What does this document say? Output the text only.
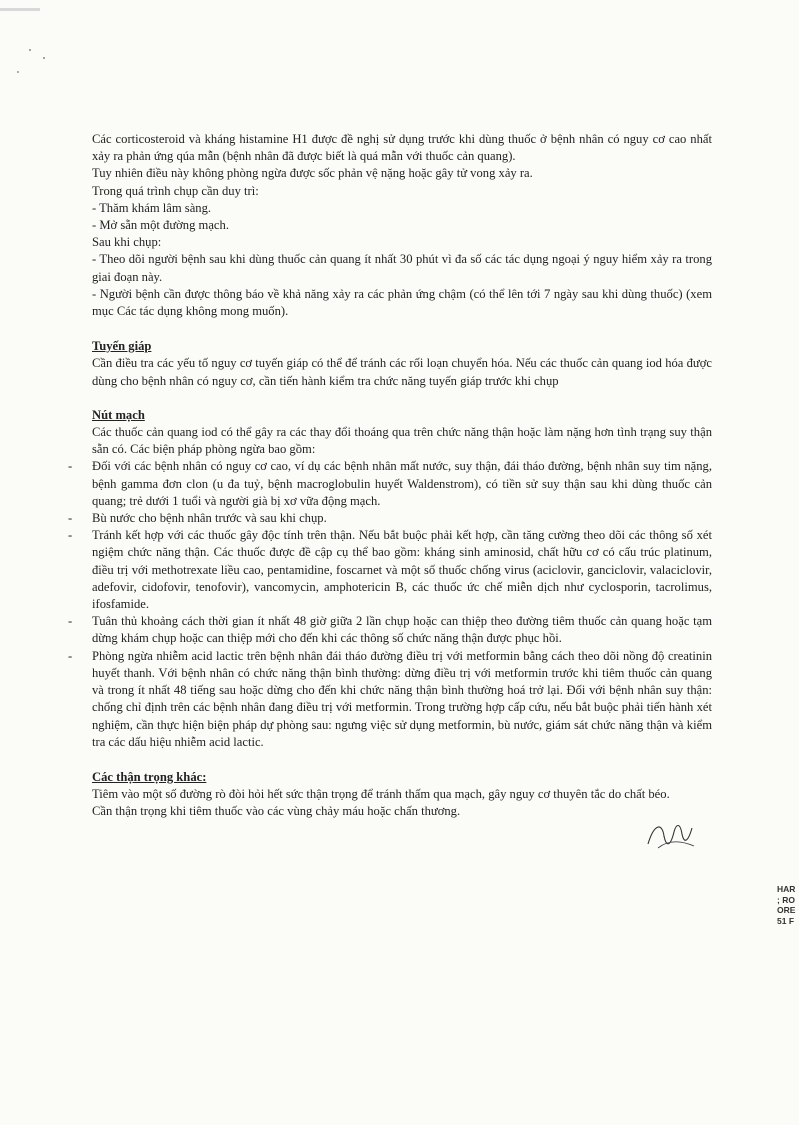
Các corticosteroid và kháng histamine H1 được đề nghị sử dụng trước khi dùng thuốc ở bệnh nhân có nguy cơ cao nhất xảy ra phản ứng qúa mẫn (bệnh nhân đã được biết là quá mẫn với thuốc cản quang).

Tuy nhiên điều này không phòng ngừa được sốc phản vệ nặng hoặc gây tử vong xảy ra.

Trong quá trình chụp cần duy trì:

- Thăm khám lâm sàng.

- Mở sẵn một đường mạch.

Sau khi chụp:

- Theo dõi người bệnh sau khi dùng thuốc cản quang ít nhất 30 phút vì đa số các tác dụng ngoại ý nguy hiểm xảy ra trong giai đoạn này.

- Người bệnh cần được thông báo về khả năng xảy ra các phản ứng chậm (có thể lên tới 7 ngày sau khi dùng thuốc) (xem mục Các tác dụng không mong muốn).

Tuyến giáp

Cần điều tra các yếu tố nguy cơ tuyến giáp có thể để tránh các rối loạn chuyển hóa. Nếu các thuốc cản quang iod hóa được dùng cho bệnh nhân có nguy cơ, cần tiến hành kiểm tra chức năng tuyến giáp trước khi chụp

Nút mạch

Các thuốc cản quang iod có thể gây ra các thay đổi thoáng qua trên chức năng thận hoặc làm nặng hơn tình trạng suy thận sẵn có. Các biện pháp phòng ngừa bao gồm:

- Đối với các bệnh nhân có nguy cơ cao, ví dụ các bệnh nhân mất nước, suy thận, đái tháo đường, bệnh nhân suy tim nặng, bệnh gamma đơn clon (u đa tuỷ, bệnh macroglobulin huyết Waldenstrom), có tiền sử suy thận sau khi dùng thuốc cản quang; trẻ dưới 1 tuổi và người già bị xơ vữa động mạch.
- Bù nước cho bệnh nhân trước và sau khi chụp.
- Tránh kết hợp với các thuốc gây độc tính trên thận. Nếu bắt buộc phải kết hợp, cần tăng cường theo dõi các thông số xét ngiệm chức năng thận. Các thuốc được đề cập cụ thể bao gồm: kháng sinh aminosid, chất hữu cơ có cấu trúc platinum, điều trị với methotrexate liều cao, pentamidine, foscarnet và một số thuốc chống virus (aciclovir, ganciclovir, valaciclovir, adefovir, cidofovir, tenofovir), vancomycin, amphotericin B, các thuốc ức chế miễn dịch như cyclosporin, tacrolimus, ifosfamide.
- Tuân thủ khoảng cách thời gian ít nhất 48 giờ giữa 2 lần chụp hoặc can thiệp theo đường tiêm thuốc cản quang hoặc tạm dừng khám chụp hoặc can thiệp mới cho đến khi các thông số chức năng thận được phục hồi.
- Phòng ngừa nhiễm acid lactic trên bệnh nhân đái tháo đường điều trị với metformin bằng cách theo dõi nồng độ creatinin huyết thanh. Với bệnh nhân có chức năng thận bình thường: dừng điều trị với metformin trước khi tiêm thuốc cản quang và trong ít nhất 48 tiếng sau hoặc dừng cho đến khi chức năng thận bình thường hoá trở lại. Đối với bệnh nhân suy thận: chống chỉ định trên các bệnh nhân đang điều trị với metformin. Trong trường hợp cấp cứu, nếu bắt buộc phải tiến hành xét nghiệm, cần thực hiện biện pháp dự phòng sau: ngưng việc sử dụng metformin, bù nước, giám sát chức năng thận và kiểm tra các dấu hiệu nhiễm acid lactic.

Các thận trọng khác:

Tiêm vào một số đường rò đòi hỏi hết sức thận trọng để tránh thấm qua mạch, gây nguy cơ thuyên tắc do chất béo.

Cần thận trọng khi tiêm thuốc vào các vùng chảy máu hoặc chấn thương.

HAR
; RO
ORE
51 F
